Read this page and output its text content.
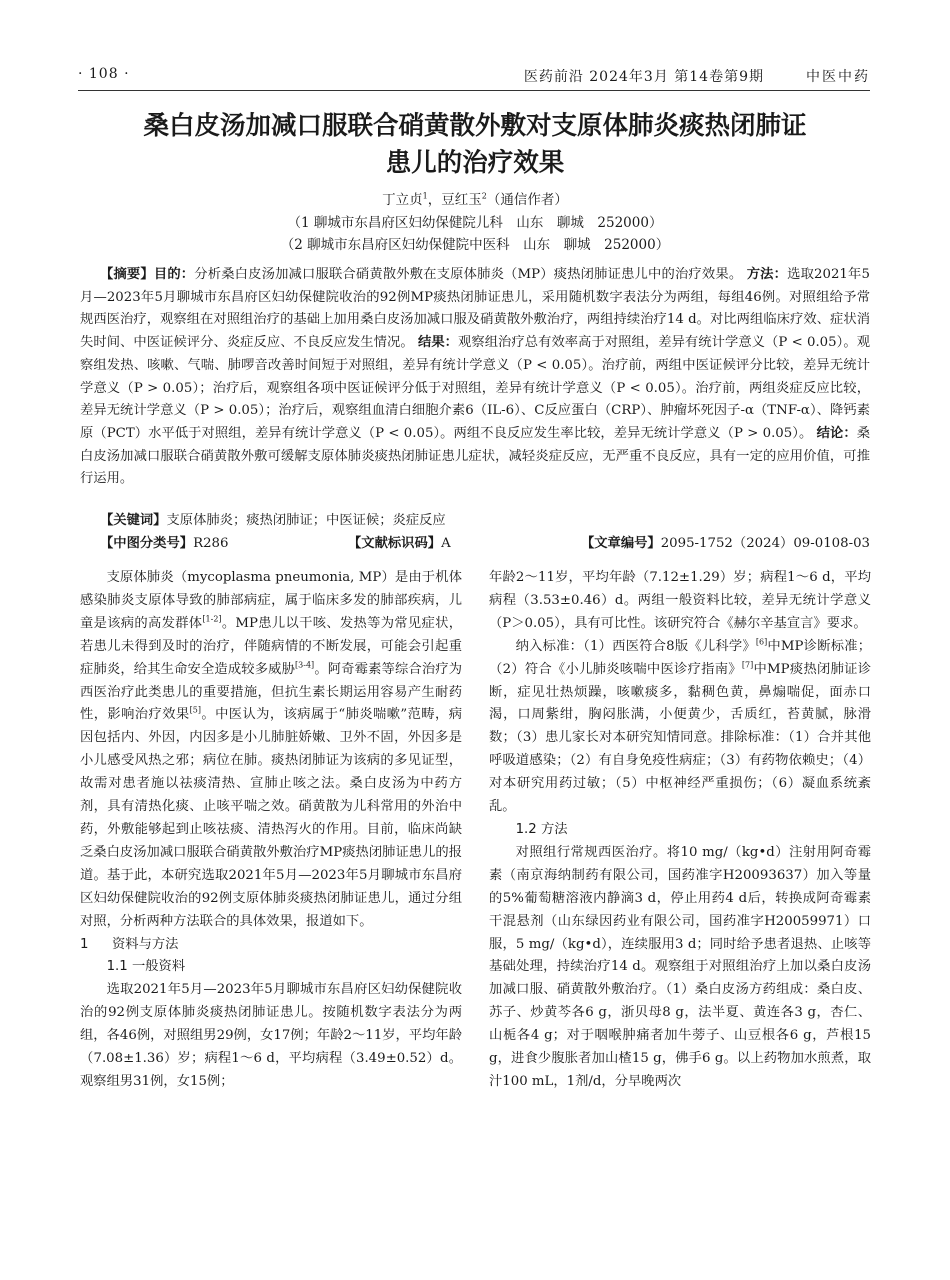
· 108 ·	医药前沿 2024年3月 第14卷第9期	中医中药
桑白皮汤加减口服联合硝黄散外敷对支原体肺炎痰热闭肺证
患儿的治疗效果
丁立贞$^1$，豆红玉$^2$（通信作者）
（1 聊城市东昌府区妇幼保健院儿科　山东　聊城　252000）
（2 聊城市东昌府区妇幼保健院中医科　山东　聊城　252000）

【摘要】目的：分析桑白皮汤加减口服联合硝黄散外敷在支原体肺炎（MP）痰热闭肺证患儿中的治疗效果。 方法：选取2021年5月—2023年5月聊城市东昌府区妇幼保健院收治的92例MP痰热闭肺证患儿，采用随机数字表法分为两组，每组46例。对照组给予常规西医治疗，观察组在对照组治疗的基础上加用桑白皮汤加减口服及硝黄散外敷治疗，两组持续治疗14 d。对比两组临床疗效、症状消失时间、中医证候评分、炎症反应、不良反应发生情况。 结果：观察组治疗总有效率高于对照组，差异有统计学意义（P < 0.05）。观察组发热、咳嗽、气喘、肺啰音改善时间短于对照组，差异有统计学意义（P < 0.05）。治疗前，两组中医证候评分比较，差异无统计学意义（P > 0.05）；治疗后，观察组各项中医证候评分低于对照组，差异有统计学意义（P < 0.05）。治疗前，两组炎症反应比较，差异无统计学意义（P > 0.05）；治疗后，观察组血清白细胞介素6（IL-6）、C反应蛋白（CRP）、肿瘤坏死因子-α（TNF-α）、降钙素原（PCT）水平低于对照组，差异有统计学意义（P < 0.05）。两组不良反应发生率比较，差异无统计学意义（P > 0.05）。 结论：桑白皮汤加减口服联合硝黄散外敷可缓解支原体肺炎痰热闭肺证患儿症状，减轻炎症反应，无严重不良反应，具有一定的应用价值，可推行运用。

【关键词】支原体肺炎；痰热闭肺证；中医证候；炎症反应
【中图分类号】R286	【文献标识码】A	【文章编号】2095-1752（2024）09-0108-03

支原体肺炎（mycoplasma pneumonia, MP）是由于机体感染肺炎支原体导致的肺部病症，属于临床多发的肺部疾病，儿童是该病的高发群体[1-2]。MP患儿以干咳、发热等为常见症状，若患儿未得到及时的治疗，伴随病情的不断发展，可能会引起重症肺炎，给其生命安全造成较多威胁[3-4]。阿奇霉素等综合治疗为西医治疗此类患儿的重要措施，但抗生素长期运用容易产生耐药性，影响治疗效果[5]。中医认为，该病属于“肺炎喘嗽”范畴，病因包括内、外因，内因多是小儿肺脏娇嫩、卫外不固，外因多是小儿感受风热之邪；病位在肺。痰热闭肺证为该病的多见证型，故需对患者施以祛痰清热、宣肺止咳之法。桑白皮汤为中药方剂，具有清热化痰、止咳平喘之效。硝黄散为儿科常用的外治中药，外敷能够起到止咳祛痰、清热泻火的作用。目前，临床尚缺乏桑白皮汤加减口服联合硝黄散外敷治疗MP痰热闭肺证患儿的报道。基于此，本研究选取2021年5月—2023年5月聊城市东昌府区妇幼保健院收治的92例支原体肺炎痰热闭肺证患儿，通过分组对照，分析两种方法联合的具体效果，报道如下。

1 资料与方法

1.1 一般资料

选取2021年5月—2023年5月聊城市东昌府区妇幼保健院收治的92例支原体肺炎痰热闭肺证患儿。按随机数字表法分为两组，各46例，对照组男29例，女17例；年龄2～11岁，平均年龄（7.08±1.36）岁；病程1～6 d，平均病程（3.49±0.52）d。观察组男31例，女15例；

年龄2～11岁，平均年龄（7.12±1.29）岁；病程1～6 d，平均病程（3.53±0.46）d。两组一般资料比较，差异无统计学意义（P＞0.05），具有可比性。该研究符合《赫尔辛基宣言》要求。

纳入标准：（1）西医符合8版《儿科学》[6]中MP诊断标准；（2）符合《小儿肺炎咳喘中医诊疗指南》[7]中MP痰热闭肺证诊断，症见壮热烦躁，咳嗽痰多，黏稠色黄，鼻煽喘促，面赤口渴，口周紫绀，胸闷胀满，小便黄少，舌质红，苔黄腻，脉滑数；（3）患儿家长对本研究知情同意。排除标准：（1）合并其他呼吸道感染；（2）有自身免疫性病症；（3）有药物依赖史；（4）对本研究用药过敏；（5）中枢神经严重损伤；（6）凝血系统紊乱。

1.2 方法

对照组行常规西医治疗。将10 mg/（kg•d）注射用阿奇霉素（南京海纳制药有限公司，国药准字H20093637）加入等量的5%葡萄糖溶液内静滴3 d，停止用药4 d后，转换成阿奇霉素干混悬剂（山东绿因药业有限公司，国药准字H20059971）口服，5 mg/（kg•d），连续服用3 d；同时给予患者退热、止咳等基础处理，持续治疗14 d。观察组于对照组治疗上加以桑白皮汤加减口服、硝黄散外敷治疗。（1）桑白皮汤方药组成：桑白皮、苏子、炒黄芩各6 g，浙贝母8 g，法半夏、黄连各3 g，杏仁、山栀各4 g；对于咽喉肿痛者加牛蒡子、山豆根各6 g，芦根15 g，进食少腹胀者加山楂15 g，佛手6 g。以上药物加水煎煮，取汁100 mL，1剂/d，分早晚两次
